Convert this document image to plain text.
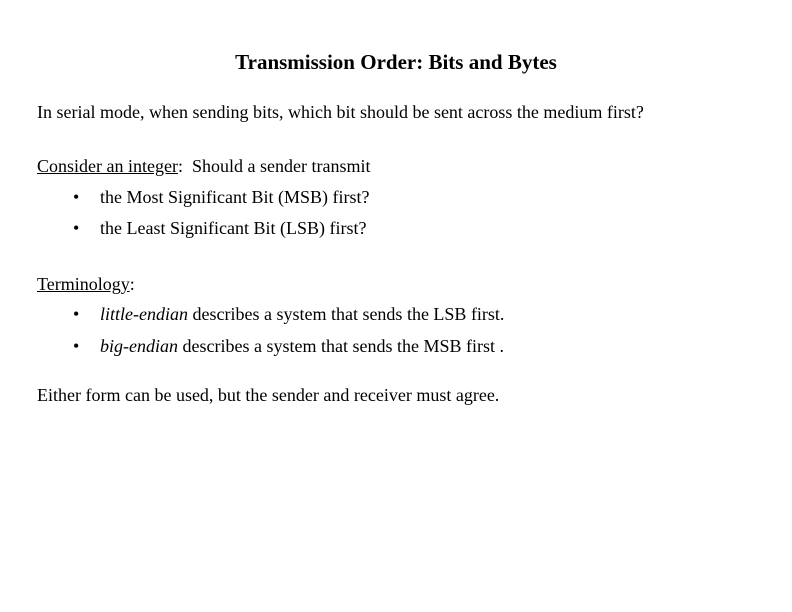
Transmission Order: Bits and Bytes
In serial mode, when sending bits, which bit should be sent across the medium first?
Consider an integer:  Should a sender transmit
• the Most Significant Bit (MSB) first?
• the Least Significant Bit (LSB) first?
Terminology:
• little-endian describes a system that sends the LSB first.
• big-endian describes a system that sends the MSB first .
Either form can be used, but the sender and receiver must agree.
